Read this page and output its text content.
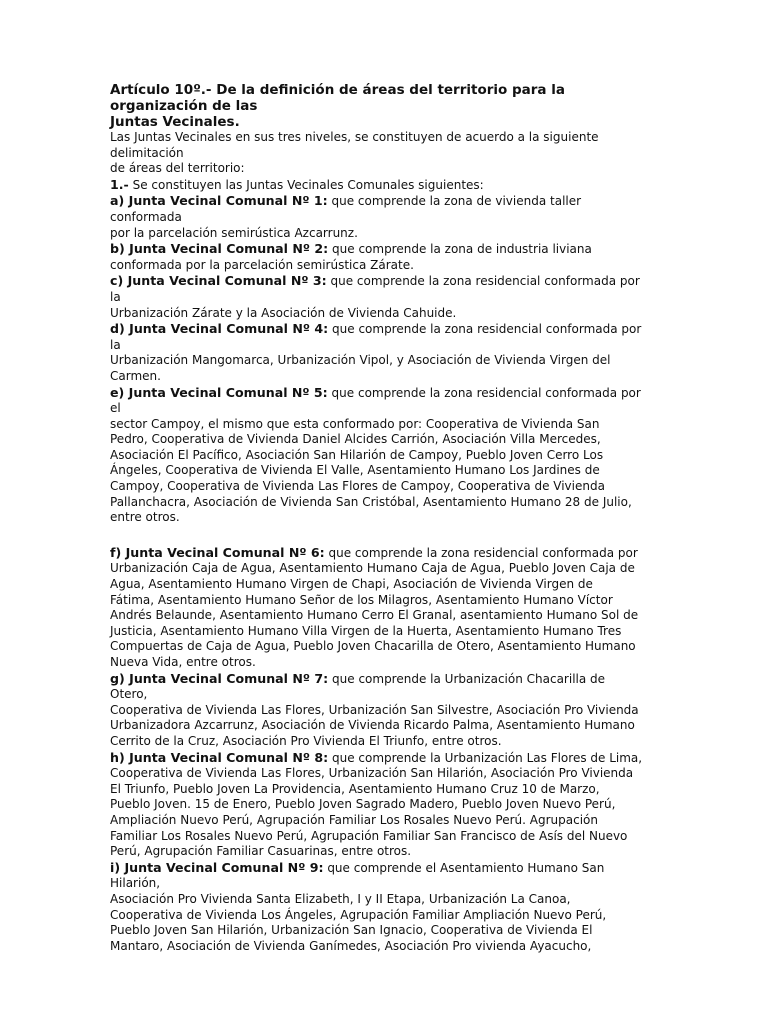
Artículo 10º.- De la definición de áreas del territorio para la
organización de las
Juntas Vecinales.
Las Juntas Vecinales en sus tres niveles, se constituyen de acuerdo a la siguiente
delimitación
de áreas del territorio:
1.- Se constituyen las Juntas Vecinales Comunales siguientes:
a) Junta Vecinal Comunal Nº 1: que comprende la zona de vivienda taller
conformada
por la parcelación semirústica Azcarrunz.
b) Junta Vecinal Comunal Nº 2: que comprende la zona de industria liviana
conformada por la parcelación semirústica Zárate.
c) Junta Vecinal Comunal Nº 3: que comprende la zona residencial conformada por
la
Urbanización Zárate y la Asociación de Vivienda Cahuide.
d) Junta Vecinal Comunal Nº 4: que comprende la zona residencial conformada por
la
Urbanización Mangomarca, Urbanización Vipol, y Asociación de Vivienda Virgen del
Carmen.
e) Junta Vecinal Comunal Nº 5: que comprende la zona residencial conformada por
el
sector Campoy, el mismo que esta conformado por: Cooperativa de Vivienda San
Pedro, Cooperativa de Vivienda Daniel Alcides Carrión, Asociación Villa Mercedes,
Asociación El Pacífico, Asociación San Hilarión de Campoy, Pueblo Joven Cerro Los
Ángeles, Cooperativa de Vivienda El Valle, Asentamiento Humano Los Jardines de
Campoy, Cooperativa de Vivienda Las Flores de Campoy, Cooperativa de Vivienda
Pallanchacra, Asociación de Vivienda San Cristóbal, Asentamiento Humano 28 de Julio,
entre otros.
f) Junta Vecinal Comunal Nº 6: que comprende la zona residencial conformada por
Urbanización Caja de Agua, Asentamiento Humano Caja de Agua, Pueblo Joven Caja de
Agua, Asentamiento Humano Virgen de Chapi, Asociación de Vivienda Virgen de
Fátima, Asentamiento Humano Señor de los Milagros, Asentamiento Humano Víctor
Andrés Belaunde, Asentamiento Humano Cerro El Granal, asentamiento Humano Sol de
Justicia, Asentamiento Humano Villa Virgen de la Huerta, Asentamiento Humano Tres
Compuertas de Caja de Agua, Pueblo Joven Chacarilla de Otero, Asentamiento Humano
Nueva Vida, entre otros.
g) Junta Vecinal Comunal Nº 7: que comprende la Urbanización Chacarilla de
Otero,
Cooperativa de Vivienda Las Flores, Urbanización San Silvestre, Asociación Pro Vivienda
Urbanizadora Azcarrunz, Asociación de Vivienda Ricardo Palma, Asentamiento Humano
Cerrito de la Cruz, Asociación Pro Vivienda El Triunfo, entre otros.
h) Junta Vecinal Comunal Nº 8: que comprende la Urbanización Las Flores de Lima,
Cooperativa de Vivienda Las Flores, Urbanización San Hilarión, Asociación Pro Vivienda
El Triunfo, Pueblo Joven La Providencia, Asentamiento Humano Cruz 10 de Marzo,
Pueblo Joven. 15 de Enero, Pueblo Joven Sagrado Madero, Pueblo Joven Nuevo Perú,
Ampliación Nuevo Perú, Agrupación Familiar Los Rosales Nuevo Perú. Agrupación
Familiar Los Rosales Nuevo Perú, Agrupación Familiar San Francisco de Asís del Nuevo
Perú, Agrupación Familiar Casuarinas, entre otros.
i) Junta Vecinal Comunal Nº 9: que comprende el Asentamiento Humano San
Hilarión,
Asociación Pro Vivienda Santa Elizabeth, I y II Etapa, Urbanización La Canoa,
Cooperativa de Vivienda Los Ángeles, Agrupación Familiar Ampliación Nuevo Perú,
Pueblo Joven San Hilarión, Urbanización San Ignacio, Cooperativa de Vivienda El
Mantaro, Asociación de Vivienda Ganímedes, Asociación Pro vivienda Ayacucho,
